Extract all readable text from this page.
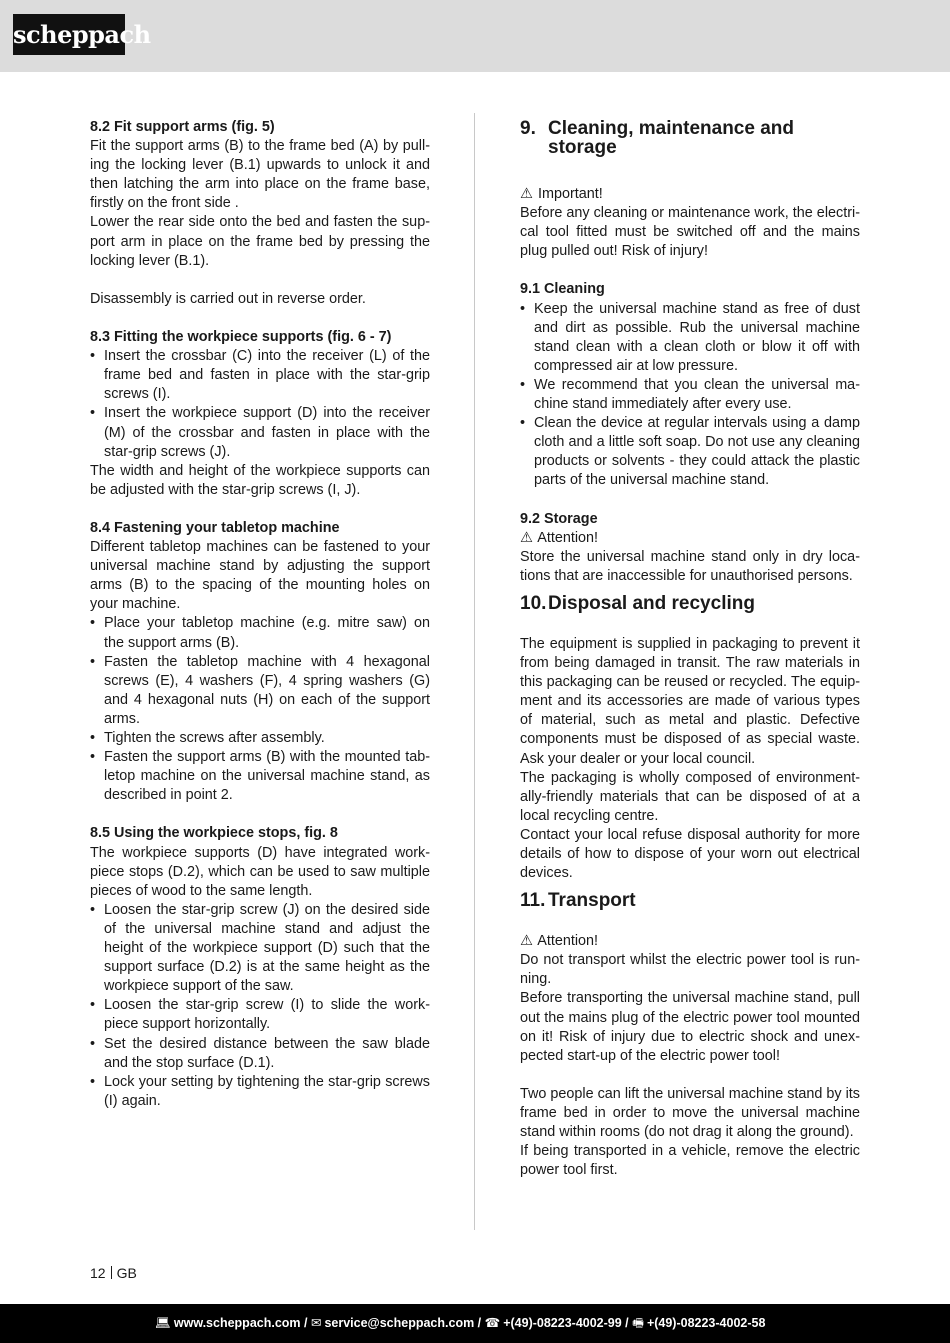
scheppach

8.2 Fit support arms (fig. 5)

Fit the support arms (B) to the frame bed (A) by pulling the locking lever (B.1) upwards to unlock it and then latching the arm into place on the frame base, firstly on the front side .

Lower the rear side onto the bed and fasten the support arm in place on the frame bed by pressing the locking lever (B.1).

Disassembly is carried out in reverse order.

8.3 Fitting the workpiece supports (fig. 6 - 7)

• Insert the crossbar (C) into the receiver (L) of the frame bed and fasten in place with the star-grip screws (I).
• Insert the workpiece support (D) into the receiver (M) of the crossbar and fasten in place with the star-grip screws (J).

The width and height of the workpiece supports can be adjusted with the star-grip screws (I, J).

8.4 Fastening your tabletop machine

Different tabletop machines can be fastened to your universal machine stand by adjusting the support arms (B) to the spacing of the mounting holes on your machine.

• Place your tabletop machine (e.g. mitre saw) on the support arms (B).
• Fasten the tabletop machine with 4 hexagonal screws (E), 4 washers (F), 4 spring washers (G) and 4 hexagonal nuts (H) on each of the support arms.
• Tighten the screws after assembly.
• Fasten the support arms (B) with the mounted tabletop machine on the universal machine stand, as described in point 2.

8.5 Using the workpiece stops, fig. 8

The workpiece supports (D) have integrated workpiece stops (D.2), which can be used to saw multiple pieces of wood to the same length.

• Loosen the star-grip screw (J) on the desired side of the universal machine stand and adjust the height of the workpiece support (D) such that the support surface (D.2) is at the same height as the workpiece support of the saw.
• Loosen the star-grip screw (I) to slide the workpiece support horizontally.
• Set the desired distance between the saw blade and the stop surface (D.1).
• Lock your setting by tightening the star-grip screws (I) again.
9. Cleaning, maintenance and storage

⚠ Important!

Before any cleaning or maintenance work, the electrical tool fitted must be switched off and the mains plug pulled out! Risk of injury!

9.1 Cleaning

• Keep the universal machine stand as free of dust and dirt as possible. Rub the universal machine stand clean with a clean cloth or blow it off with compressed air at low pressure.
• We recommend that you clean the universal machine stand immediately after every use.
• Clean the device at regular intervals using a damp cloth and a little soft soap. Do not use any cleaning products or solvents - they could attack the plastic parts of the universal machine stand.

9.2 Storage

⚠ Attention!

Store the universal machine stand only in dry locations that are inaccessible for unauthorised persons.

10. Disposal and recycling

The equipment is supplied in packaging to prevent it from being damaged in transit. The raw materials in this packaging can be reused or recycled. The equipment and its accessories are made of various types of material, such as metal and plastic. Defective components must be disposed of as special waste. Ask your dealer or your local council.

The packaging is wholly composed of environmentally-friendly materials that can be disposed of at a local recycling centre.

Contact your local refuse disposal authority for more details of how to dispose of your worn out electrical devices.

11. Transport

⚠ Attention!

Do not transport whilst the electric power tool is running.

Before transporting the universal machine stand, pull out the mains plug of the electric power tool mounted on it! Risk of injury due to electric shock and unexpected start-up of the electric power tool!

Two people can lift the universal machine stand by its frame bed in order to move the universal machine stand within rooms (do not drag it along the ground).

If being transported in a vehicle, remove the electric power tool first.

12 GB
💻︎ www.scheppach.com / ✉ service@scheppach.com / ☎ +(49)-08223-4002-99 / 🖷︎ +(49)-08223-4002-58
